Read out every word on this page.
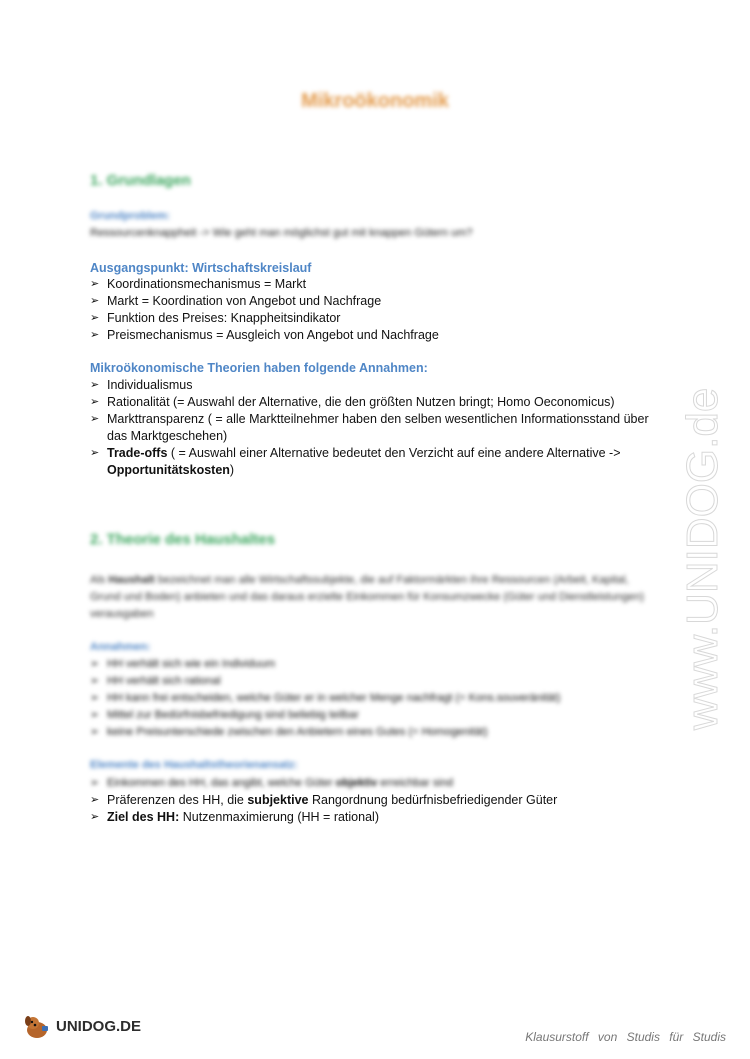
Mikroökonomik
1. Grundlagen
Grundproblem:
Ressourcenknappheit -> Wie geht man möglichst gut mit knappen Gütern um?
Ausgangspunkt: Wirtschaftskreislauf
➢ Koordinationsmechanismus = Markt
➢ Markt = Koordination von Angebot und Nachfrage
➢ Funktion des Preises: Knappheitsindikator
➢ Preismechanismus = Ausgleich von Angebot und Nachfrage
Mikroökonomische Theorien haben folgende Annahmen:
➢ Individualismus
➢ Rationalität (= Auswahl der Alternative, die den größten Nutzen bringt; Homo Oeconomicus)
➢ Markttransparenz ( = alle Marktteilnehmer haben den selben wesentlichen Informationsstand über das Marktgeschehen)
➢ Trade-offs ( = Auswahl einer Alternative bedeutet den Verzicht auf eine andere Alternative -> Opportunitätskosten)
2. Theorie des Haushaltes
Als Haushalt bezeichnet man alle Wirtschaftssubjekte, die auf Faktormärkten ihre Ressourcen (Arbeit, Kapital, Grund und Boden) anbieten und das daraus erzielte Einkommen für Konsumzwecke (Güter und Dienstleistungen) verausgaben
Annahmen:
➢ HH verhält sich wie ein Individuum
➢ HH verhält sich rational
➢ HH kann frei entscheiden, welche Güter er in welcher Menge nachfragt (= Kons.souveränität)
➢ Mittel zur Bedürfnisbefriedigung sind beliebig teilbar
➢ keine Preisunterschiede zwischen den Anbietern eines Gutes (= Homogenität)
Elemente des Haushaltstheorienansatz:
➢ Einkommen des HH, das angibt, welche Güter objektiv erreichbar sind
➢ Präferenzen des HH, die subjektive Rangordnung bedürfnisbefriedigender Güter
➢ Ziel des HH: Nutzenmaximierung (HH = rational)
www.UNIDOG.de
UNIDOG.DE
Klausurstoff von Studis für Studis
